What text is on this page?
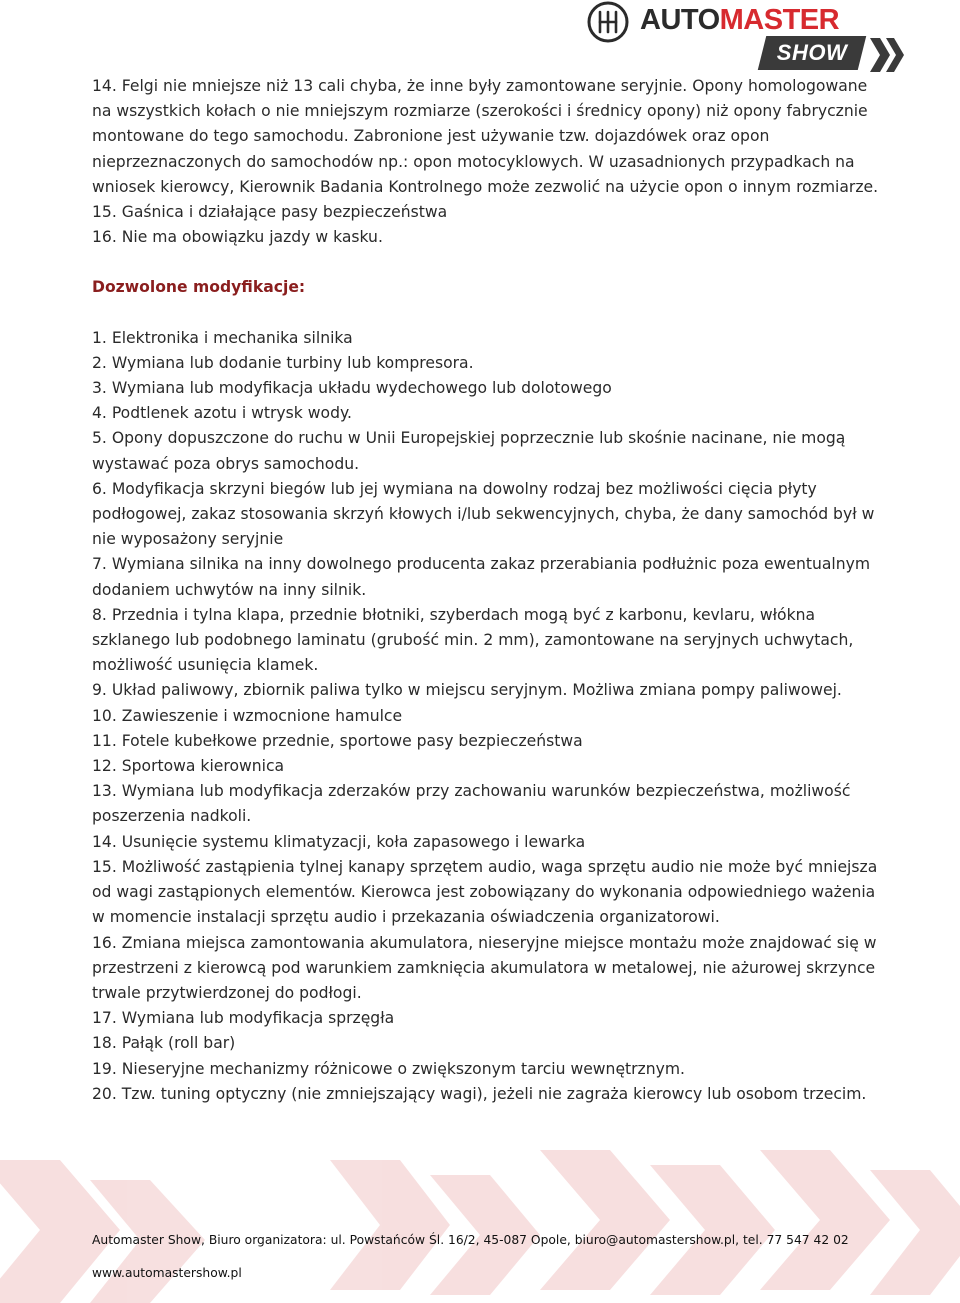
AUTOMASTER
SHOW

14. Felgi nie mniejsze niż 13 cali chyba, że inne były zamontowane seryjnie. Opony homologowane na wszystkich kołach o nie mniejszym rozmiarze (szerokości i średnicy opony) niż opony fabrycznie montowane do tego samochodu. Zabronione jest używanie tzw. dojazdówek oraz opon nieprzeznaczonych do samochodów np.: opon motocyklowych. W uzasadnionych przypadkach na wniosek kierowcy, Kierownik Badania Kontrolnego może zezwolić na użycie opon o innym rozmiarze.

15. Gaśnica i działające pasy bezpieczeństwa

16. Nie ma obowiązku jazdy w kasku.

Dozwolone modyfikacje:

1. Elektronika i mechanika silnika

2. Wymiana lub dodanie turbiny lub kompresora.

3. Wymiana lub modyfikacja układu wydechowego lub dolotowego

4. Podtlenek azotu i wtrysk wody.

5. Opony dopuszczone do ruchu w Unii Europejskiej poprzecznie lub skośnie nacinane, nie mogą wystawać poza obrys samochodu.

6. Modyfikacja skrzyni biegów lub jej wymiana na dowolny rodzaj bez możliwości cięcia płyty podłogowej, zakaz stosowania skrzyń kłowych i/lub sekwencyjnych, chyba, że dany samochód był w nie wyposażony seryjnie

7. Wymiana silnika na inny dowolnego producenta zakaz przerabiania podłużnic poza ewentualnym dodaniem uchwytów na inny silnik.

8. Przednia i tylna klapa, przednie błotniki, szyberdach mogą być z karbonu, kevlaru, włókna szklanego lub podobnego laminatu (grubość min. 2 mm), zamontowane na seryjnych uchwytach, możliwość usunięcia klamek.

9. Układ paliwowy, zbiornik paliwa tylko w miejscu seryjnym. Możliwa zmiana pompy paliwowej.

10. Zawieszenie i wzmocnione hamulce

11. Fotele kubełkowe przednie, sportowe pasy bezpieczeństwa

12. Sportowa kierownica

13. Wymiana lub modyfikacja zderzaków przy zachowaniu warunków bezpieczeństwa, możliwość poszerzenia nadkoli.

14. Usunięcie systemu klimatyzacji, koła zapasowego i lewarka

15. Możliwość zastąpienia tylnej kanapy sprzętem audio, waga sprzętu audio nie może być mniejsza od wagi zastąpionych elementów. Kierowca jest zobowiązany do wykonania odpowiedniego ważenia w momencie instalacji sprzętu audio i przekazania oświadczenia organizatorowi.

16. Zmiana miejsca zamontowania akumulatora, nieseryjne miejsce montażu może znajdować się w przestrzeni z kierowcą pod warunkiem zamknięcia akumulatora w metalowej, nie ażurowej skrzynce trwale przytwierdzonej do podłogi.

17. Wymiana lub modyfikacja sprzęgła

18. Pałąk (roll bar)

19. Nieseryjne mechanizmy różnicowe o zwiększonym tarciu wewnętrznym.

20. Tzw. tuning optyczny (nie zmniejszający wagi), jeżeli nie zagraża kierowcy lub osobom trzecim.

Automaster Show, Biuro organizatora: ul. Powstańców Śl. 16/2, 45-087 Opole, biuro@automastershow.pl, tel. 77 547 42 02
www.automastershow.pl
